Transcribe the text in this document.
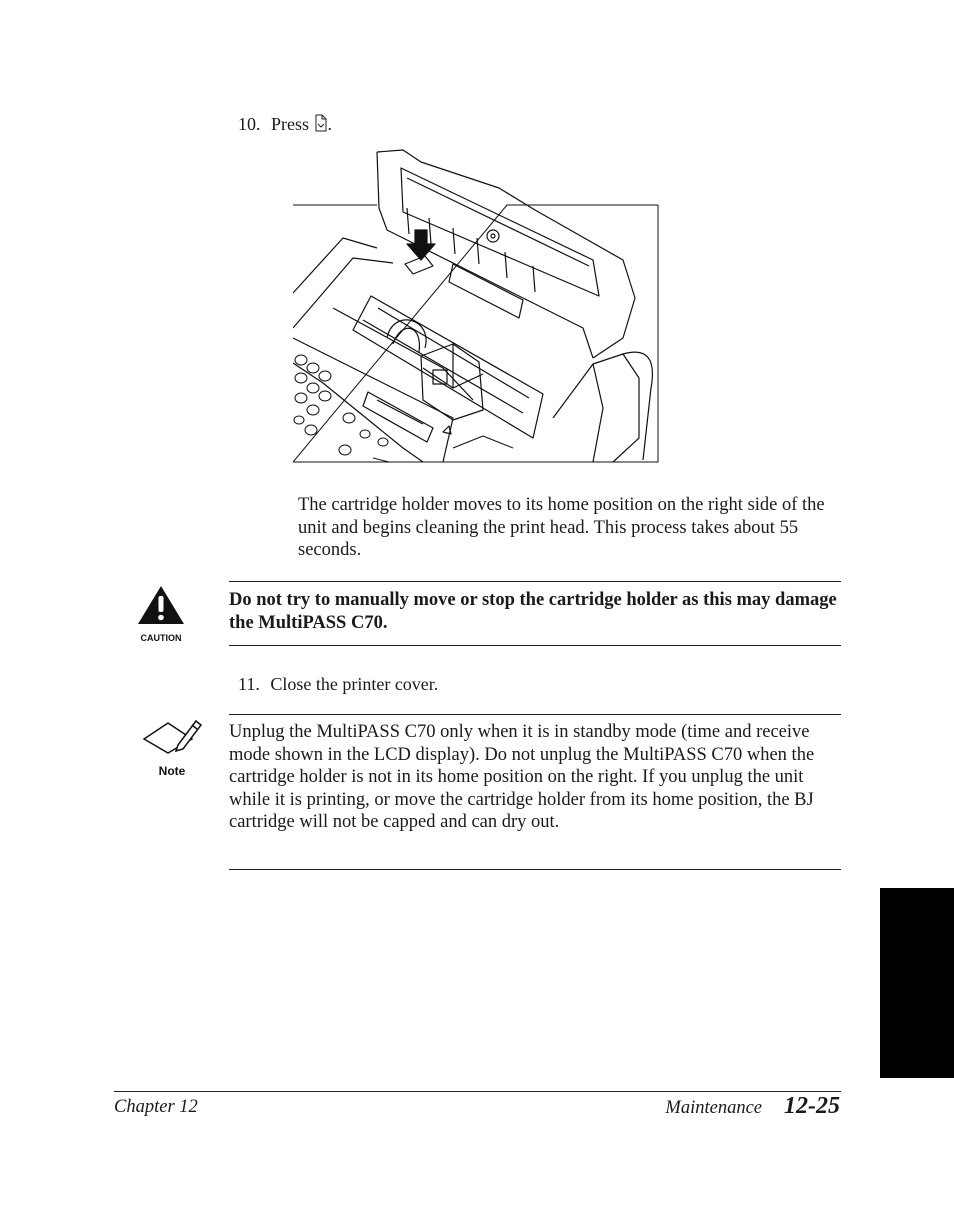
10. Press .
The cartridge holder moves to its home position on the right side of the unit and begins cleaning the print head. This process takes about 55 seconds.
CAUTION
Do not try to manually move or stop the cartridge holder as this may damage the MultiPASS C70.
11. Close the printer cover.
Note
Unplug the MultiPASS C70 only when it is in standby mode (time and receive mode shown in the LCD display). Do not unplug the MultiPASS C70 when the cartridge holder is not in its home position on the right. If you unplug the unit while it is printing, or move the cartridge holder from its home position, the BJ cartridge will not be capped and can dry out.
Chapter 12	Maintenance 12-25
